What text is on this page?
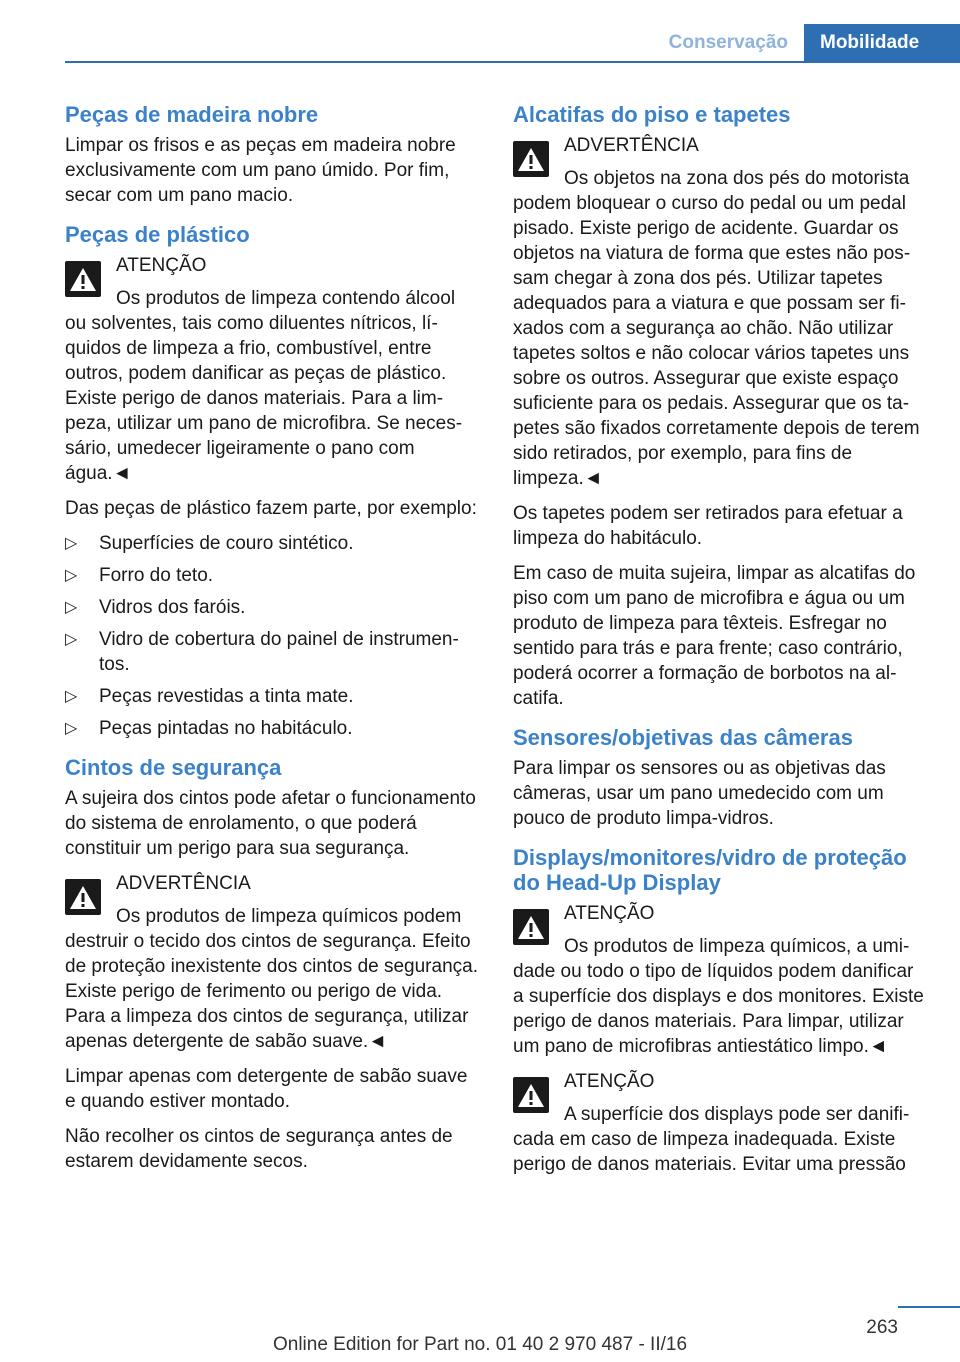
Conservação	Mobilidade
Peças de madeira nobre

Limpar os frisos e as peças em madeira nobre exclusivamente com um pano úmido. Por fim, secar com um pano macio.

Peças de plástico
ATENÇÃO
Os produtos de limpeza contendo álcool ou solventes, tais como diluentes nítricos, líquidos de limpeza a frio, combustível, entre outros, podem danificar as peças de plástico. Existe perigo de danos materiais. Para a limpeza, utilizar um pano de microfibra. Se necessário, umedecer ligeiramente o pano com água.◄

Das peças de plástico fazem parte, por exemplo:

▷ Superfícies de couro sintético.
▷ Forro do teto.
▷ Vidros dos faróis.
▷ Vidro de cobertura do painel de instrumentos.
▷ Peças revestidas a tinta mate.
▷ Peças pintadas no habitáculo.
Cintos de segurança

A sujeira dos cintos pode afetar o funcionamento do sistema de enrolamento, o que poderá constituir um perigo para sua segurança.

ADVERTÊNCIA
Os produtos de limpeza químicos podem destruir o tecido dos cintos de segurança. Efeito de proteção inexistente dos cintos de segurança. Existe perigo de ferimento ou perigo de vida. Para a limpeza dos cintos de segurança, utilizar apenas detergente de sabão suave.◄

Limpar apenas com detergente de sabão suave e quando estiver montado.

Não recolher os cintos de segurança antes de estarem devidamente secos.

Alcatifas do piso e tapetes
ADVERTÊNCIA
Os objetos na zona dos pés do motorista podem bloquear o curso do pedal ou um pedal pisado. Existe perigo de acidente. Guardar os objetos na viatura de forma que estes não possam chegar à zona dos pés. Utilizar tapetes adequados para a viatura e que possam ser fixados com a segurança ao chão. Não utilizar tapetes soltos e não colocar vários tapetes uns sobre os outros. Assegurar que existe espaço suficiente para os pedais. Assegurar que os tapetes são fixados corretamente depois de terem sido retirados, por exemplo, para fins de limpeza.◄

Os tapetes podem ser retirados para efetuar a limpeza do habitáculo.

Em caso de muita sujeira, limpar as alcatifas do piso com um pano de microfibra e água ou um produto de limpeza para têxteis. Esfregar no sentido para trás e para frente; caso contrário, poderá ocorrer a formação de borbotos na alcatifa.

Sensores/objetivas das câmeras

Para limpar os sensores ou as objetivas das câmeras, usar um pano umedecido com um pouco de produto limpa-vidros.

Displays/monitores/vidro de proteção do Head-Up Display
ATENÇÃO
Os produtos de limpeza químicos, a umidade ou todo o tipo de líquidos podem danificar a superfície dos displays e dos monitores. Existe perigo de danos materiais. Para limpar, utilizar um pano de microfibras antiestático limpo.◄
ATENÇÃO
A superfície dos displays pode ser danificada em caso de limpeza inadequada. Existe perigo de danos materiais. Evitar uma pressão
263
Online Edition for Part no. 01 40 2 970 487 - II/16
